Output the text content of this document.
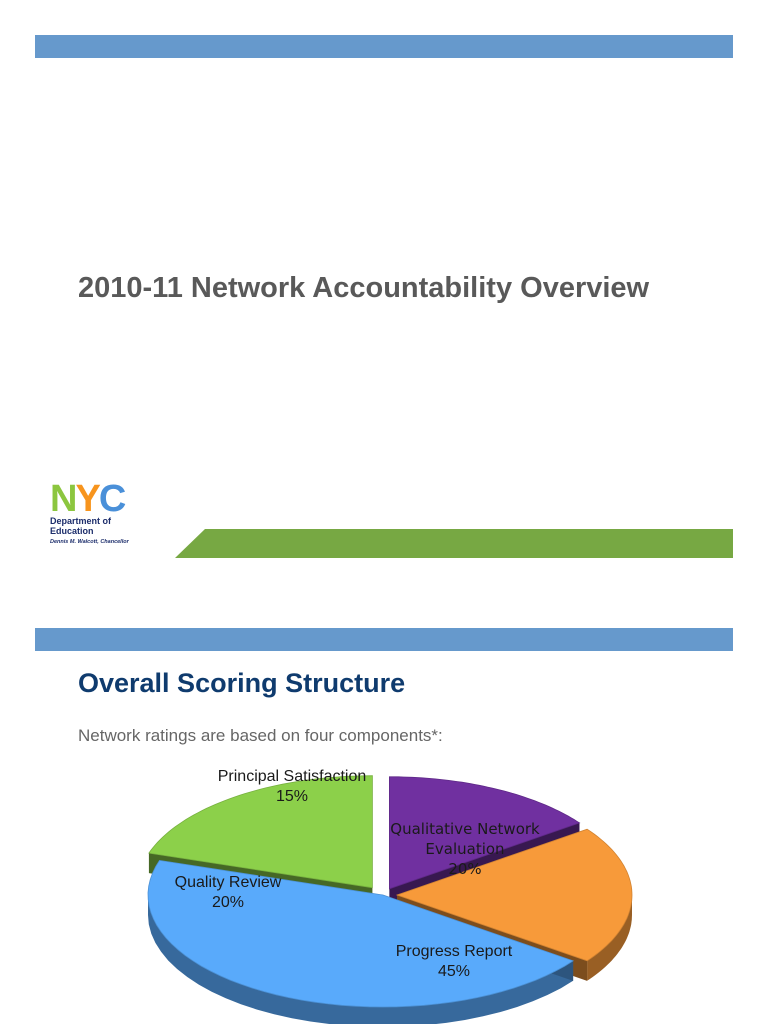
2010-11 Network Accountability Overview
NYC
Department of
Education
Dennis M. Walcott, Chancellor
Overall Scoring Structure
Network ratings are based on four components*:
Principal Satisfaction
15%
Qualitative Network
Evaluation
20%
Quality Review
20%
Progress Report
45%
